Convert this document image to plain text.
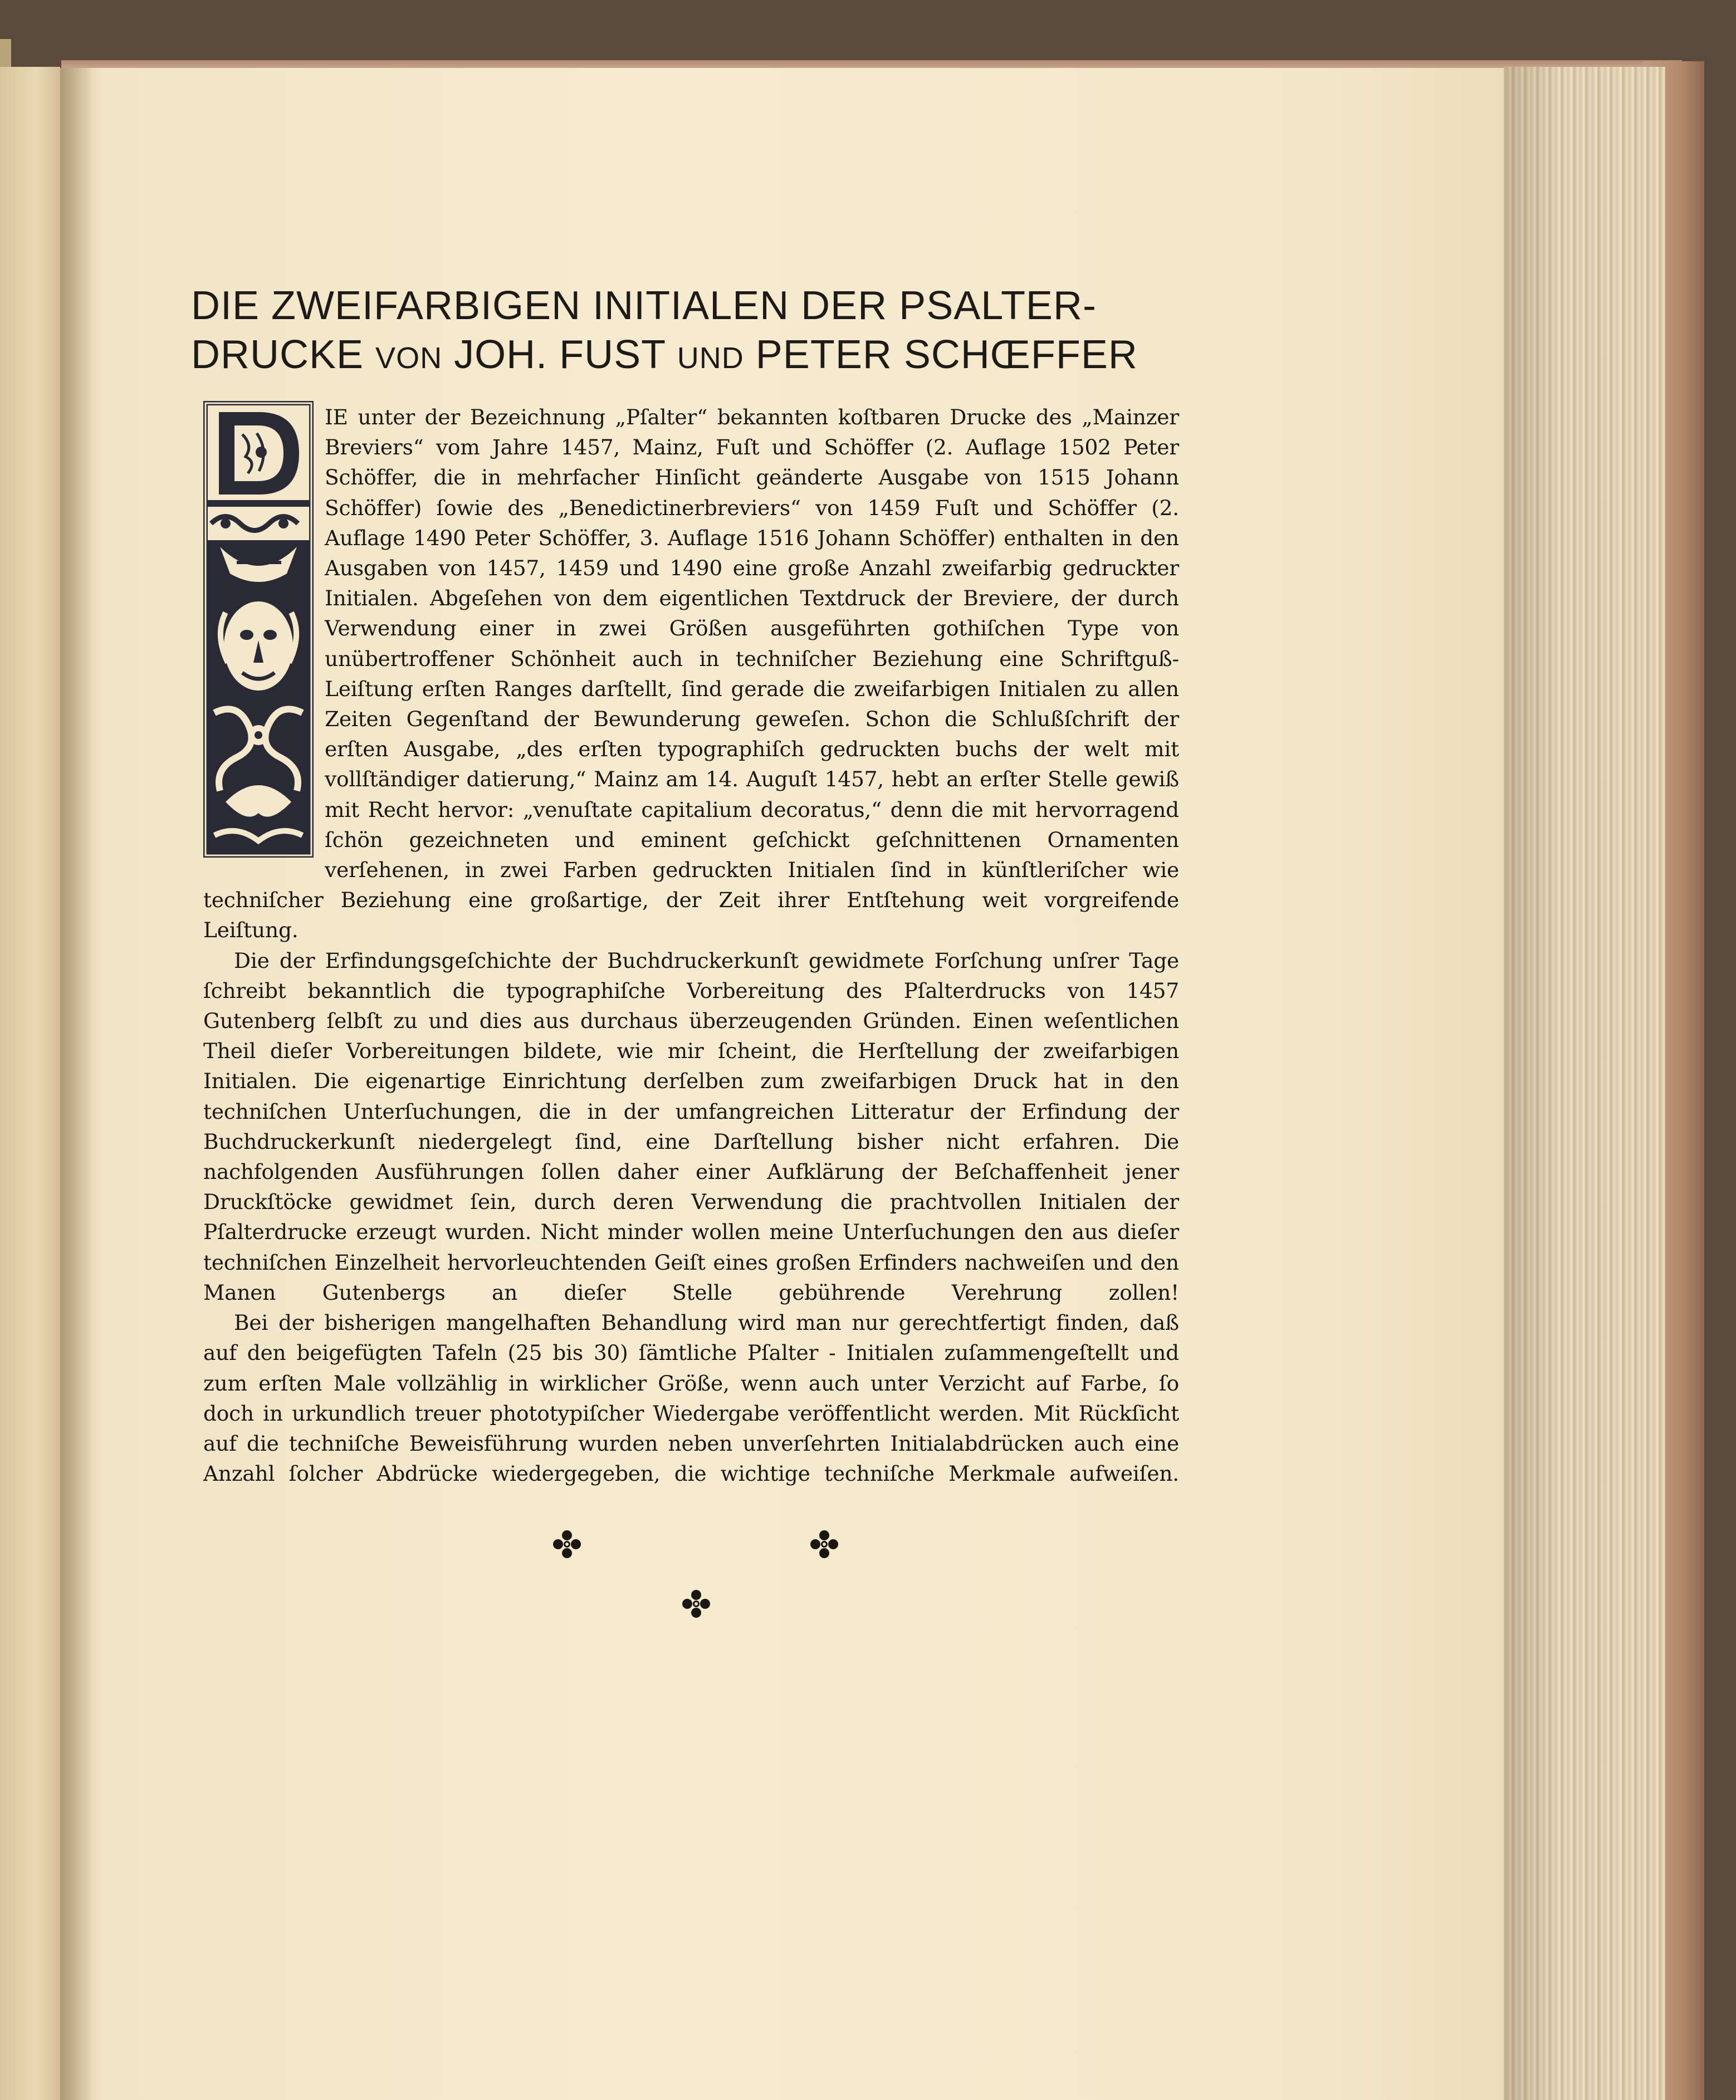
DIE ZWEIFARBIGEN INITIALEN DER PSALTER-
DRUCKE VON JOH. FUST UND PETER SCHŒFFER

IE unter der Bezeichnung „Pſalter“ bekannten koſtbaren Drucke des „Mainzer Breviers“ vom Jahre 1457, Mainz, Fuſt und Schöffer (2. Auflage 1502 Peter Schöffer, die in mehrfacher Hinſicht geänderte Ausgabe von 1515 Johann Schöffer) ſowie des „Benedictinerbreviers“ von 1459 Fuſt und Schöffer (2. Auflage 1490 Peter Schöffer, 3. Auflage 1516 Johann Schöffer) enthalten in den Ausgaben von 1457, 1459 und 1490 eine große Anzahl zweifarbig gedruckter Initialen. Abgeſehen von dem eigentlichen Textdruck der Breviere, der durch Verwendung einer in zwei Größen ausgeführten gothiſchen Type von unübertroffener Schönheit auch in techniſcher Beziehung eine Schriftguß-Leiſtung erſten Ranges darſtellt, ſind gerade die zweifarbigen Initialen zu allen Zeiten Gegenſtand der Bewunderung geweſen. Schon die Schlußſchrift der erſten Ausgabe, „des erſten typographiſch gedruckten buchs der welt mit vollſtändiger datierung,“ Mainz am 14. Auguſt 1457, hebt an erſter Stelle gewiß mit Recht hervor: „venuſtate capitalium decoratus,“ denn die mit hervorragend ſchön gezeichneten und eminent geſchickt geſchnittenen Ornamenten verſehenen, in zwei Farben gedruckten Initialen ſind in künſtleriſcher wie techniſcher Beziehung eine großartige, der Zeit ihrer Entſtehung weit vorgreifende Leiſtung.

Die der Erfindungsgeſchichte der Buchdruckerkunſt gewidmete Forſchung unſrer Tage ſchreibt bekanntlich die typographiſche Vorbereitung des Pſalterdrucks von 1457 Gutenberg ſelbſt zu und dies aus durchaus überzeugenden Gründen. Einen weſentlichen Theil dieſer Vorbereitungen bildete, wie mir ſcheint, die Herſtellung der zweifarbigen Initialen. Die eigenartige Einrichtung derſelben zum zweifarbigen Druck hat in den techniſchen Unterſuchungen, die in der umfangreichen Litteratur der Erfindung der Buchdruckerkunſt niedergelegt ſind, eine Darſtellung bisher nicht erfahren. Die nachfolgenden Ausführungen ſollen daher einer Aufklärung der Beſchaffenheit jener Druckſtöcke gewidmet ſein, durch deren Verwendung die prachtvollen Initialen der Pſalterdrucke erzeugt wurden. Nicht minder wollen meine Unterſuchungen den aus dieſer techniſchen Einzelheit hervorleuchtenden Geiſt eines großen Erfinders nachweiſen und den Manen Gutenbergs an dieſer Stelle gebührende Verehrung zollen!

Bei der bisherigen mangelhaften Behandlung wird man nur gerechtfertigt finden, daß auf den beigefügten Tafeln (25 bis 30) ſämtliche Pſalter - Initialen zuſammengeſtellt und zum erſten Male vollzählig in wirklicher Größe, wenn auch unter Verzicht auf Farbe, ſo doch in urkundlich treuer phototypiſcher Wiedergabe veröffentlicht werden. Mit Rückſicht auf die techniſche Beweisführung wurden neben unverſehrten Initialabdrücken auch eine Anzahl ſolcher Abdrücke wiedergegeben, die wichtige techniſche Merkmale aufweiſen.
